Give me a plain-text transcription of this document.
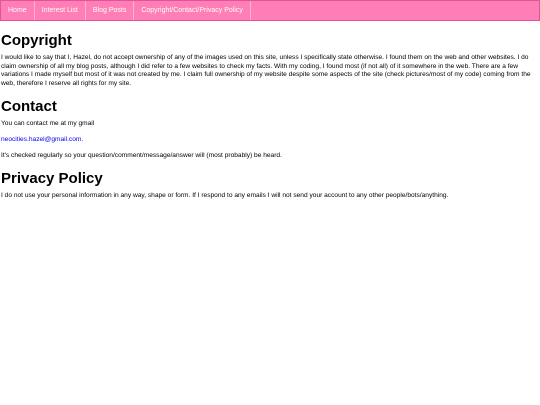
Home	Interest List	Blog Posts	Copyright/Contact/Privacy Policy
Copyright

I would like to say that I, Hazel, do not accept ownership of any of the images used on this site, unless I specifically state otherwise. I found them on the web and other websites. I do claim ownership of all my blog posts, although I did refer to a few websites to check my facts. With my coding, I found most (if not all) of it somewhere in the web. There are a few variations I made myself but most of it was not created by me. I claim full ownership of my website despite some aspects of the site (check pictures/most of my code) coming from the web, therefore I reserve all rights for my site.

Contact

You can contact me at my gmail

neocities.hazel@gmail.com.

It's checked regularly so your question/comment/message/answer will (most probably) be heard.

Privacy Policy

I do not use your personal information in any way, shape or form. If I respond to any emails I will not send your account to any other people/bots/anything.
